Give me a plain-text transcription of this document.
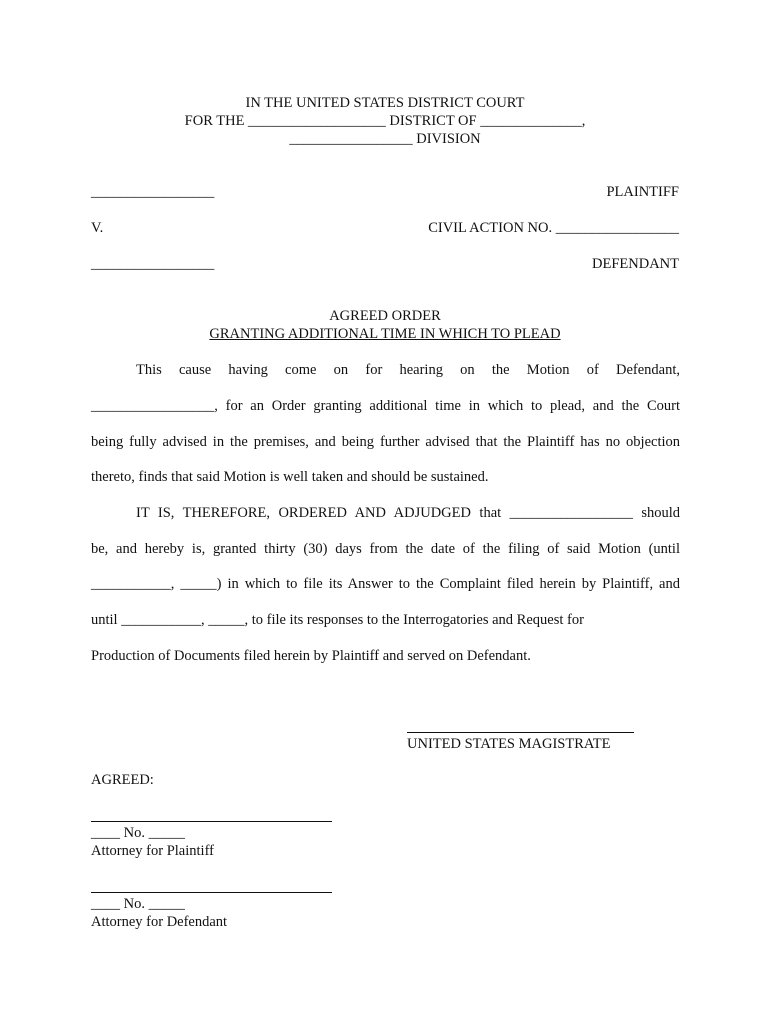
IN THE UNITED STATES DISTRICT COURT
FOR THE ___________________ DISTRICT OF ______________,
_________________ DIVISION
_________________	PLAINTIFF
V.	CIVIL ACTION NO. _________________
_________________	DEFENDANT
AGREED ORDER
GRANTING ADDITIONAL TIME IN WHICH TO PLEAD
This cause having come on for hearing on the Motion of Defendant,
_________________, for an Order granting additional time in which to plead, and the Court
being fully advised in the premises, and being further advised that the Plaintiff has no objection
thereto, finds that said Motion is well taken and should be sustained.
IT IS, THEREFORE, ORDERED AND ADJUDGED that _________________ should
be, and hereby is, granted thirty (30) days from the date of the filing of said Motion (until
___________, _____) in which to file its Answer to the Complaint filed herein by Plaintiff, and
until ___________, _____, to file its responses to the Interrogatories and Request for
Production of Documents filed herein by Plaintiff and served on Defendant.
UNITED STATES MAGISTRATE
AGREED:
____ No. _____
Attorney for Plaintiff
____ No. _____
Attorney for Defendant
